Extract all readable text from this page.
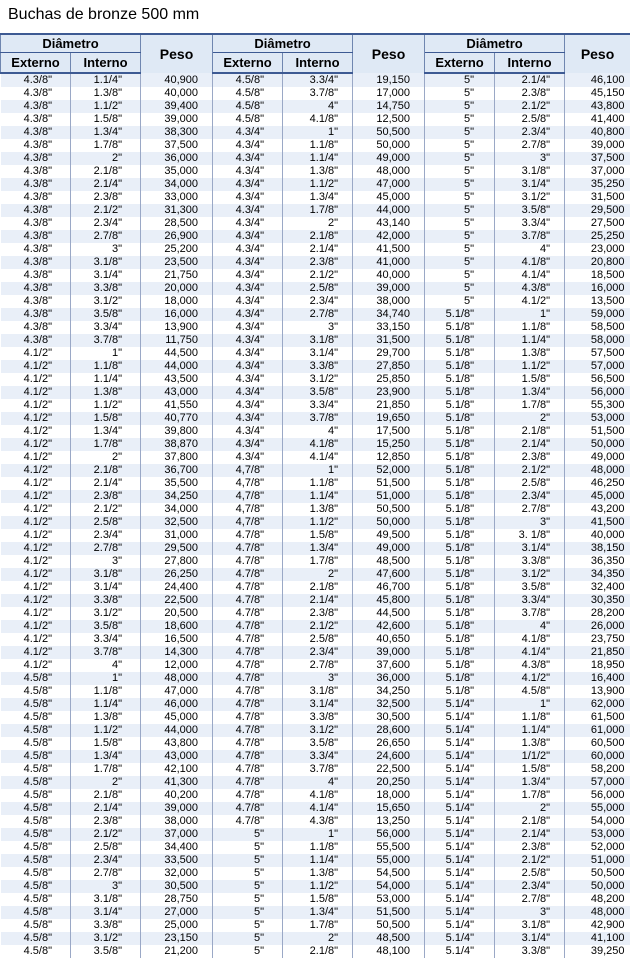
Buchas de bronze 500 mm
Diâmetro		Peso	Diâmetro		Peso	Diâmetro		Peso
Externo	Interno		Externo	Interno		Externo	Interno	
4.3/8"	1.1/4"	40,900	4.5/8"	3.3/4"	19,150	5"	2.1/4"	46,100
4.3/8"	1.3/8"	40,000	4.5/8"	3.7/8"	17,000	5"	2.3/8"	45,150
4.3/8"	1.1/2"	39,400	4.5/8"	4"	14,750	5"	2.1/2"	43,800
4.3/8"	1.5/8"	39,000	4.5/8"	4.1/8"	12,500	5"	2.5/8"	41,400
4.3/8"	1.3/4"	38,300	4.3/4"	1"	50,500	5"	2.3/4"	40,800
4.3/8"	1.7/8"	37,500	4.3/4"	1.1/8"	50,000	5"	2.7/8"	39,000
4.3/8"	2"	36,000	4.3/4"	1.1/4"	49,000	5"	3"	37,500
4.3/8"	2.1/8"	35,000	4.3/4"	1.3/8"	48,000	5"	3.1/8"	37,000
4.3/8"	2.1/4"	34,000	4.3/4"	1.1/2"	47,000	5"	3.1/4"	35,250
4.3/8"	2.3/8"	33,000	4.3/4"	1.3/4"	45,000	5"	3.1/2"	31,500
4.3/8"	2.1/2"	31,300	4.3/4"	1.7/8"	44,000	5"	3.5/8"	29,500
4.3/8"	2.3/4"	28,500	4.3/4"	2"	43,140	5"	3.3/4"	27,500
4.3/8"	2.7/8"	26,900	4.3/4"	2.1/8"	42,000	5"	3.7/8"	25,250
4.3/8"	3"	25,200	4.3/4"	2.1/4"	41,500	5"	4"	23,000
4.3/8"	3.1/8"	23,500	4.3/4"	2.3/8"	41,000	5"	4.1/8"	20,800
4.3/8"	3.1/4"	21,750	4.3/4"	2.1/2"	40,000	5"	4.1/4"	18,500
4.3/8"	3.3/8"	20,000	4.3/4"	2.5/8"	39,000	5"	4.3/8"	16,000
4.3/8"	3.1/2"	18,000	4.3/4"	2.3/4"	38,000	5"	4.1/2"	13,500
4.3/8"	3.5/8"	16,000	4.3/4"	2.7/8"	34,740	5.1/8"	1"	59,000
4.3/8"	3.3/4"	13,900	4.3/4"	3"	33,150	5.1/8"	1.1/8"	58,500
4.3/8"	3.7/8"	11,750	4.3/4"	3.1/8"	31,500	5.1/8"	1.1/4"	58,000
4.1/2"	1"	44,500	4.3/4"	3.1/4"	29,700	5.1/8"	1.3/8"	57,500
4.1/2"	1.1/8"	44,000	4.3/4"	3.3/8"	27,850	5.1/8"	1.1/2"	57,000
4.1/2"	1.1/4"	43,500	4.3/4"	3.1/2"	25,850	5.1/8"	1.5/8"	56,500
4.1/2"	1.3/8"	43,000	4.3/4"	3.5/8"	23,900	5.1/8"	1.3/4"	56,000
4.1/2"	1.1/2"	41,550	4.3/4"	3.3/4"	21,850	5.1/8"	1.7/8"	55,300
4.1/2"	1.5/8"	40,770	4.3/4"	3.7/8"	19,650	5.1/8"	2"	53,000
4.1/2"	1.3/4"	39,800	4.3/4"	4"	17,500	5.1/8"	2.1/8"	51,500
4.1/2"	1.7/8"	38,870	4.3/4"	4.1/8"	15,250	5.1/8"	2.1/4"	50,000
4.1/2"	2"	37,800	4.3/4"	4.1/4"	12,850	5.1/8"	2.3/8"	49,000
4.1/2"	2.1/8"	36,700	4,7/8"	1"	52,000	5.1/8"	2.1/2"	48,000
4.1/2"	2.1/4"	35,500	4,7/8"	1.1/8"	51,500	5.1/8"	2.5/8"	46,250
4.1/2"	2.3/8"	34,250	4,7/8"	1.1/4"	51,000	5.1/8"	2.3/4"	45,000
4.1/2"	2.1/2"	34,000	4,7/8"	1.3/8"	50,500	5.1/8"	2.7/8"	43,200
4.1/2"	2.5/8"	32,500	4,7/8"	1.1/2"	50,000	5.1/8"	3"	41,500
4.1/2"	2.3/4"	31,000	4.7/8"	1.5/8"	49,500	5.1/8"	3. 1/8"	40,000
4.1/2"	2.7/8"	29,500	4.7/8"	1.3/4"	49,000	5.1/8"	3.1/4"	38,150
4.1/2"	3"	27,800	4.7/8"	1.7/8"	48,500	5.1/8"	3.3/8"	36,350
4.1/2"	3.1/8"	26,250	4.7/8"	2"	47,600	5.1/8"	3.1/2"	34,350
4.1/2"	3.1/4"	24,400	4.7/8"	2.1/8"	46,700	5.1/8"	3.5/8"	32,400
4.1/2"	3.3/8"	22,500	4.7/8"	2.1/4"	45,800	5.1/8"	3.3/4"	30,350
4.1/2"	3.1/2"	20,500	4.7/8"	2.3/8"	44,500	5.1/8"	3.7/8"	28,200
4.1/2"	3.5/8"	18,600	4.7/8"	2.1/2"	42,600	5.1/8"	4"	26,000
4.1/2"	3.3/4"	16,500	4.7/8"	2.5/8"	40,650	5.1/8"	4.1/8"	23,750
4.1/2"	3.7/8"	14,300	4.7/8"	2.3/4"	39,000	5.1/8"	4.1/4"	21,850
4.1/2"	4"	12,000	4.7/8"	2.7/8"	37,600	5.1/8"	4.3/8"	18,950
4.5/8"	1"	48,000	4.7/8"	3"	36,000	5.1/8"	4.1/2"	16,400
4.5/8"	1.1/8"	47,000	4.7/8"	3.1/8"	34,250	5.1/8"	4.5/8"	13,900
4.5/8"	1.1/4"	46,000	4.7/8"	3.1/4"	32,500	5.1/4"	1"	62,000
4.5/8"	1.3/8"	45,000	4.7/8"	3.3/8"	30,500	5.1/4"	1.1/8"	61,500
4.5/8"	1.1/2"	44,000	4.7/8"	3.1/2"	28,600	5.1/4"	1.1/4"	61,000
4.5/8"	1.5/8"	43,800	4.7/8"	3.5/8"	26,650	5.1/4"	1.3/8"	60,500
4.5/8"	1.3/4"	43,000	4.7/8"	3.3/4"	24,600	5.1/4"	1/1/2"	60,000
4.5/8"	1.7/8"	42,100	4.7/8"	3.7/8"	22,500	5.1/4"	1.5/8"	58,200
4.5/8"	2"	41,300	4.7/8"	4"	20,250	5.1/4"	1.3/4"	57,000
4.5/8"	2.1/8"	40,200	4.7/8"	4.1/8"	18,000	5.1/4"	1.7/8"	56,000
4.5/8"	2.1/4"	39,000	4.7/8"	4.1/4"	15,650	5.1/4"	2"	55,000
4.5/8"	2.3/8"	38,000	4.7/8"	4.3/8"	13,250	5.1/4"	2.1/8"	54,000
4.5/8"	2.1/2"	37,000	5"	1"	56,000	5.1/4"	2.1/4"	53,000
4.5/8"	2.5/8"	34,400	5"	1.1/8"	55,500	5.1/4"	2.3/8"	52,000
4.5/8"	2.3/4"	33,500	5"	1.1/4"	55,000	5.1/4"	2.1/2"	51,000
4.5/8"	2.7/8"	32,000	5"	1.3/8"	54,500	5.1/4"	2.5/8"	50,500
4.5/8"	3"	30,500	5"	1.1/2"	54,000	5.1/4"	2.3/4"	50,000
4.5/8"	3.1/8"	28,750	5"	1.5/8"	53,000	5.1/4"	2.7/8"	48,200
4.5/8"	3.1/4"	27,000	5"	1.3/4"	51,500	5.1/4"	3"	48,000
4.5/8"	3.3/8"	25,000	5"	1.7/8"	50,500	5.1/4"	3.1/8"	42,900
4.5/8"	3.1/2"	23,150	5"	2"	48,500	5.1/4"	3.1/4"	41,100
4.5/8"	3.5/8"	21,200	5"	2.1/8"	48,100	5.1/4"	3.3/8"	39,250
